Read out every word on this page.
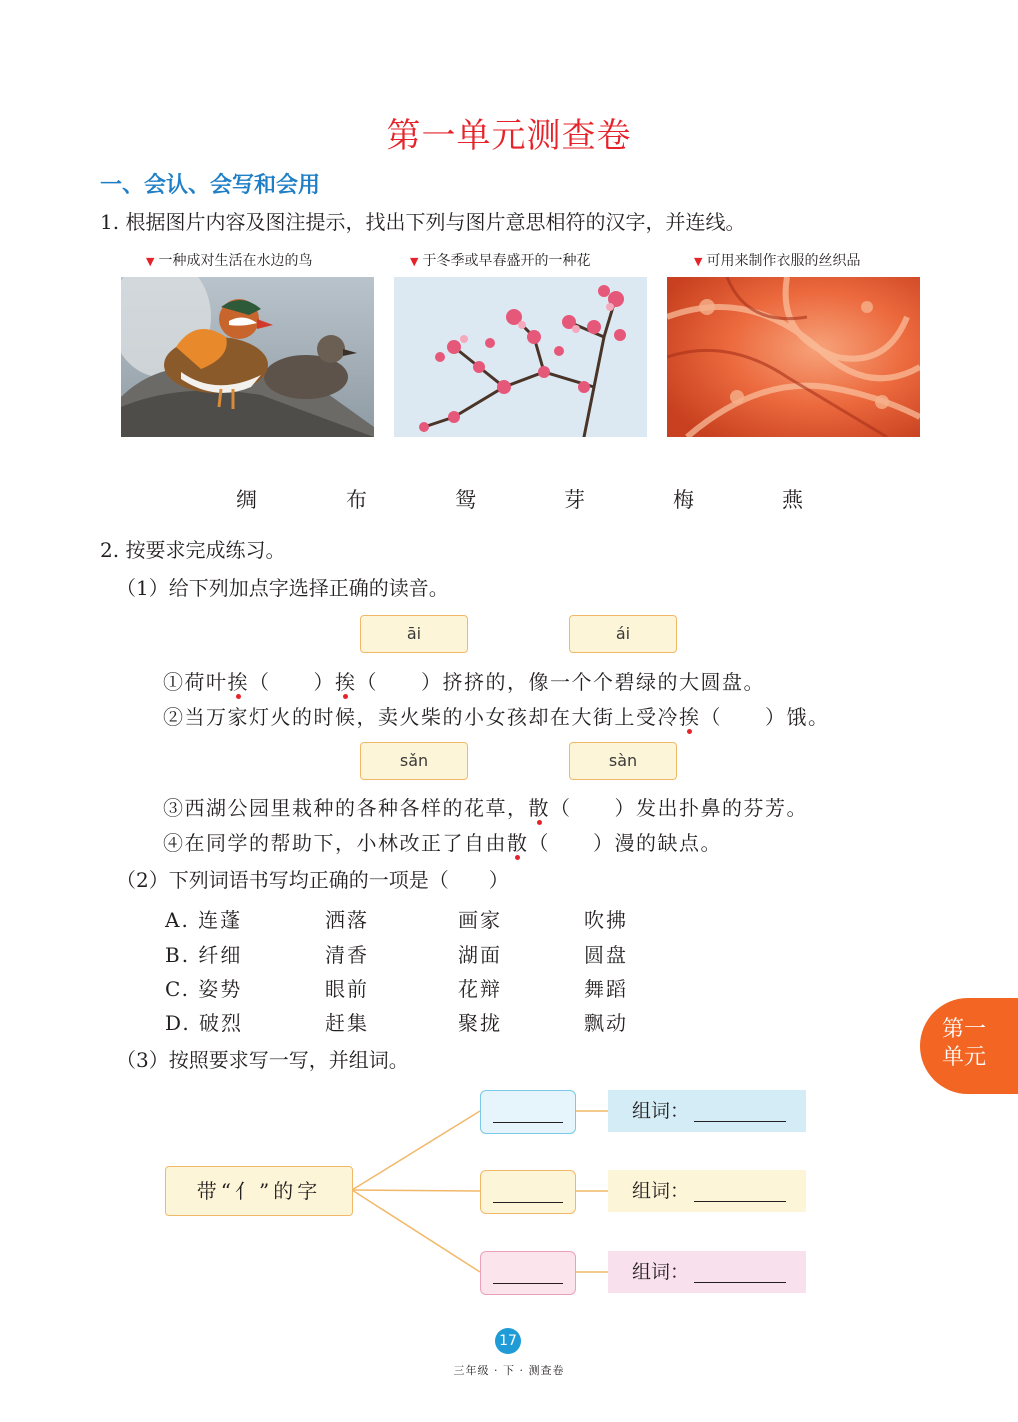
第一单元测查卷
一、会认、会写和会用
1. 根据图片内容及图注提示，找出下列与图片意思相符的汉字，并连线。
▼ 一种成对生活在水边的鸟	▼ 于冬季或早春盛开的一种花	▼ 可用来制作衣服的丝织品
绸	布	鸳	芽	梅	燕
2. 按要求完成练习。
（1）给下列加点字选择正确的读音。
āi	ái
①荷叶挨（　　）挨（　　）挤挤的，像一个个碧绿的大圆盘。
②当万家灯火的时候，卖火柴的小女孩却在大街上受冷挨（　　）饿。
sǎn	sàn
③西湖公园里栽种的各种各样的花草，散（　　）发出扑鼻的芬芳。
④在同学的帮助下，小林改正了自由散（　　）漫的缺点。
（2）下列词语书写均正确的一项是（　　）
A. 连蓬	洒落	画家	吹拂
B. 纤细	清香	湖面	圆盘
C. 姿势	眼前	花辩	舞蹈
D. 破烈	赶集	聚拢	飘动	第一
单元
（3）按照要求写一写，并组词。
带“亻”的字
组词：
组词：
组词：
17
三年级 · 下 · 测查卷
